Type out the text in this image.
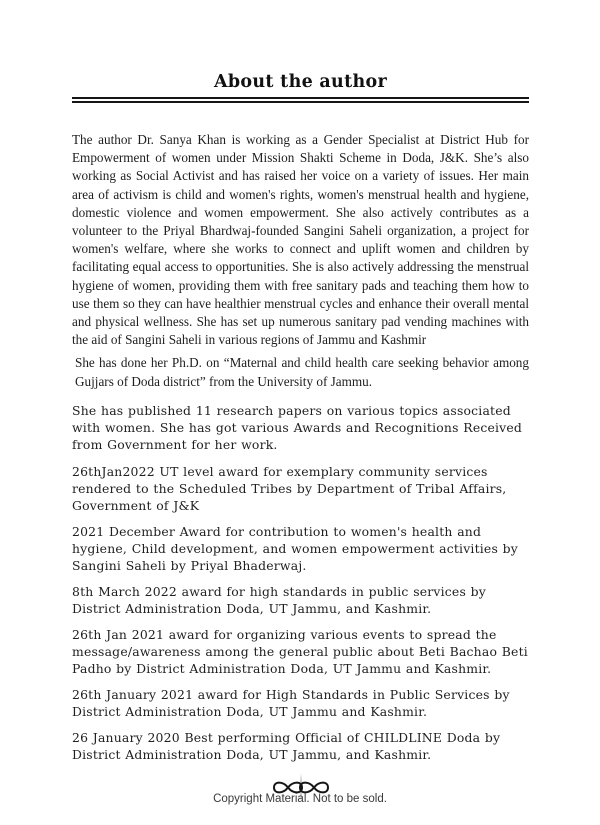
About the author

The author Dr. Sanya Khan is working as a Gender Specialist at District Hub for Empowerment of women under Mission Shakti Scheme in Doda, J&K. She’s also working as Social Activist and has raised her voice on a variety of issues. Her main area of activism is child and women's rights, women's menstrual health and hygiene, domestic violence and women empowerment. She also actively contributes as a volunteer to the Priyal Bhardwaj-founded Sangini Saheli organization, a project for women's welfare, where she works to connect and uplift women and children by facilitating equal access to opportunities. She is also actively addressing the menstrual hygiene of women, providing them with free sanitary pads and teaching them how to use them so they can have healthier menstrual cycles and enhance their overall mental and physical wellness. She has set up numerous sanitary pad vending machines with the aid of Sangini Saheli in various regions of Jammu and Kashmir

She has done her Ph.D. on “Maternal and child health care seeking behavior among Gujjars of Doda district” from the University of Jammu.

She has published 11 research papers on various topics associated with women. She has got various Awards and Recognitions Received from Government for her work.

26thJan2022 UT level award for exemplary community services rendered to the Scheduled Tribes by Department of Tribal Affairs, Government of J&K

2021 December Award for contribution to women's health and hygiene, Child development, and women empowerment activities by Sangini Saheli by Priyal Bhaderwaj.

8th March 2022 award for high standards in public services by District Administration Doda, UT Jammu, and Kashmir.

26th Jan 2021 award for organizing various events to spread the message/awareness among the general public about Beti Bachao Beti Padho by District Administration Doda, UT Jammu and Kashmir.

26th January 2021 award for High Standards in Public Services by District Administration Doda, UT Jammu and Kashmir.

26 January 2020 Best performing Official of CHILDLINE Doda by District Administration Doda, UT Jammu, and Kashmir.

Copyright Material. Not to be sold.
